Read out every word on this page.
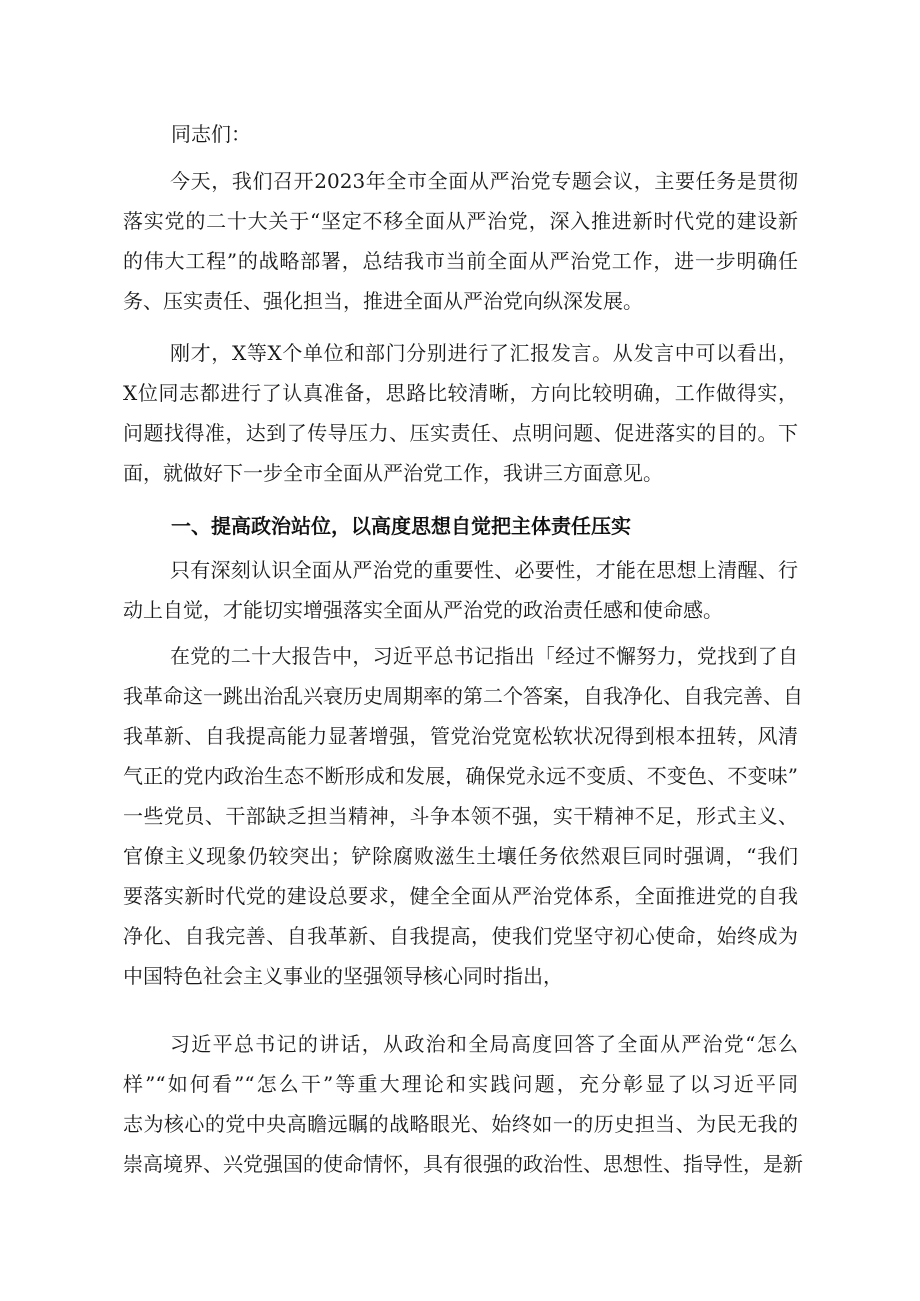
同志们：

今天，我们召开2023年全市全面从严治党专题会议，主要任务是贯彻
落实党的二十大关于“坚定不移全面从严治党，深入推进新时代党的建设新
的伟大工程”的战略部署，总结我市当前全面从严治党工作，进一步明确任
务、压实责任、强化担当，推进全面从严治党向纵深发展。
刚才，X等X个单位和部门分别进行了汇报发言。从发言中可以看出，
X位同志都进行了认真准备，思路比较清晰，方向比较明确，工作做得实，
问题找得准，达到了传导压力、压实责任、点明问题、促进落实的目的。下
面，就做好下一步全市全面从严治党工作，我讲三方面意见。

一、提高政治站位，以高度思想自觉把主体责任压实

只有深刻认识全面从严治党的重要性、必要性，才能在思想上清醒、行
动上自觉，才能切实增强落实全面从严治党的政治责任感和使命感。
在党的二十大报告中，习近平总书记指出「经过不懈努力，党找到了自
我革命这一跳出治乱兴衰历史周期率的第二个答案，自我净化、自我完善、自
我革新、自我提高能力显著增强，管党治党宽松软状况得到根本扭转，风清
气正的党内政治生态不断形成和发展，确保党永远不变质、不变色、不变味”
一些党员、干部缺乏担当精神，斗争本领不强，实干精神不足，形式主义、
官僚主义现象仍较突出；铲除腐败滋生土壤任务依然艰巨同时强调，“我们
要落实新时代党的建设总要求，健全全面从严治党体系，全面推进党的自我
净化、自我完善、自我革新、自我提高，使我们党坚守初心使命，始终成为
中国特色社会主义事业的坚强领导核心同时指出，
习近平总书记的讲话，从政治和全局高度回答了全面从严治党“怎么
样”“如何看”“怎么干”等重大理论和实践问题，充分彰显了以习近平同
志为核心的党中央高瞻远瞩的战略眼光、始终如一的历史担当、为民无我的
崇高境界、兴党强国的使命情怀，具有很强的政治性、思想性、指导性，是新
